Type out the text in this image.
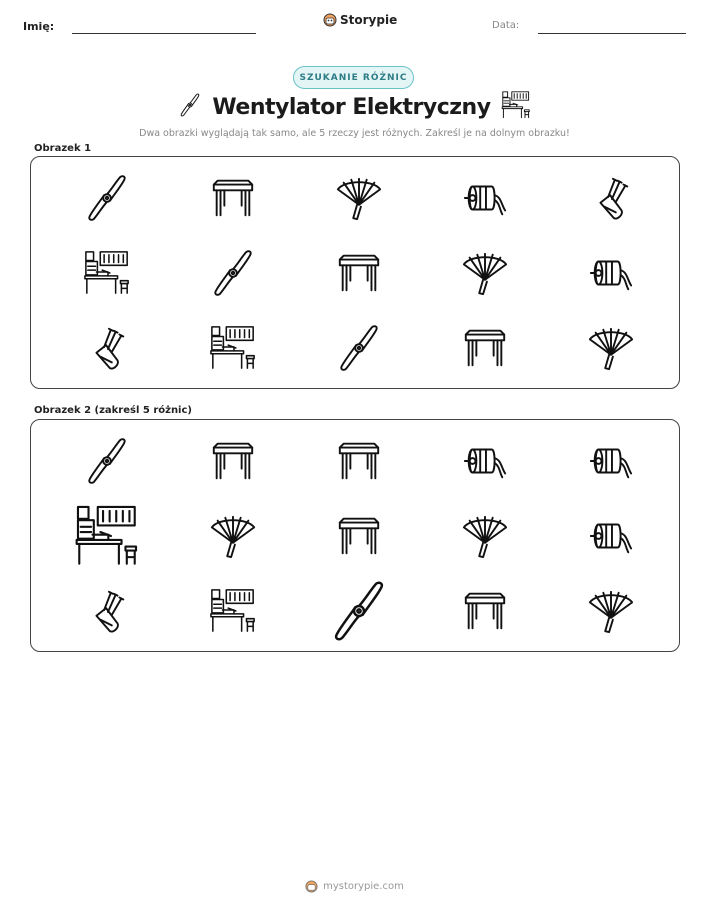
Imię:	Storypie	Data:
SZUKANIE RÓŻNIC
Wentylator Elektryczny
Dwa obrazki wyglądają tak samo, ale 5 rzeczy jest różnych. Zakreśl je na dolnym obrazku!
Obrazek 1
Obrazek 2 (zakreśl 5 różnic)
mystorypie.com
